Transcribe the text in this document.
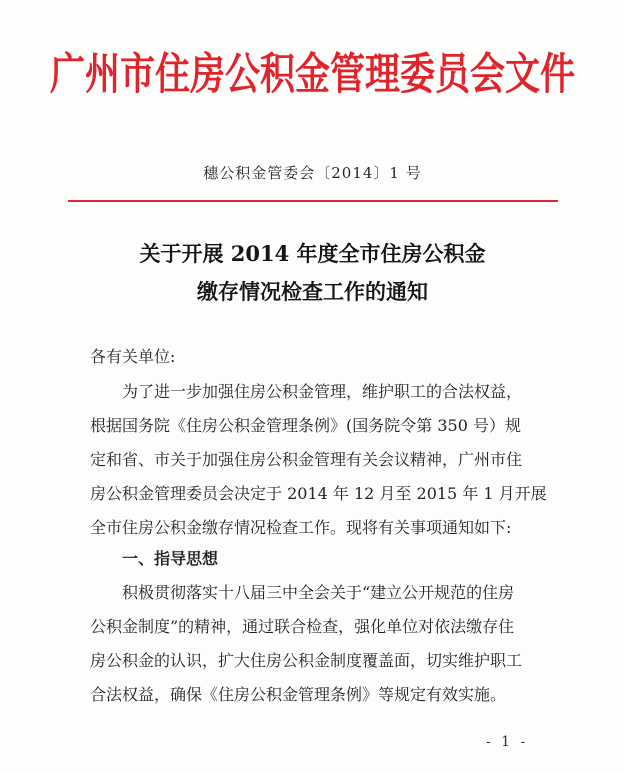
广州市住房公积金管理委员会文件
穗公积金管委会〔2014〕1 号
关于开展 2014 年度全市住房公积金
缴存情况检查工作的通知
各有关单位:
为了进一步加强住房公积金管理，维护职工的合法权益，
根据国务院《住房公积金管理条例》(国务院令第 350 号）规
定和省、市关于加强住房公积金管理有关会议精神，广州市住
房公积金管理委员会决定于 2014 年 12 月至 2015 年 1 月开展
全市住房公积金缴存情况检查工作。现将有关事项通知如下:
一、指导思想
积极贯彻落实十八届三中全会关于“建立公开规范的住房
公积金制度”的精神，通过联合检查，强化单位对依法缴存住
房公积金的认识，扩大住房公积金制度覆盖面，切实维护职工
合法权益，确保《住房公积金管理条例》等规定有效实施。
- 1 -
